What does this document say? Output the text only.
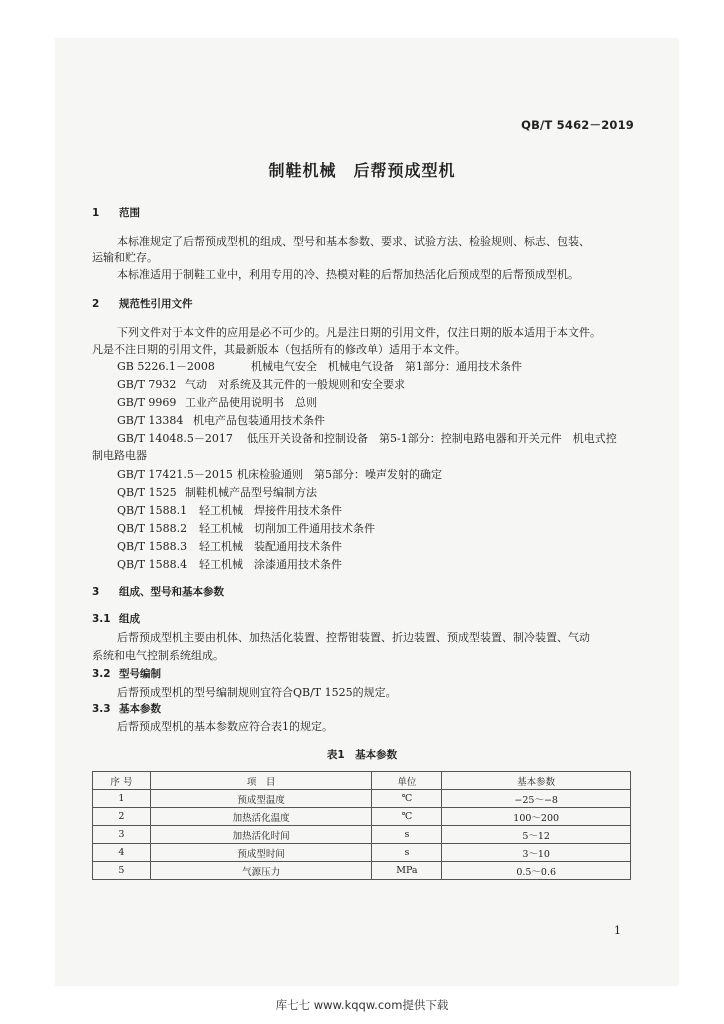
QB/T 5462－2019
制鞋机械　后帮预成型机
1 范围
本标准规定了后帮预成型机的组成、型号和基本参数、要求、试验方法、检验规则、标志、包装、
运输和贮存。
本标准适用于制鞋工业中，利用专用的冷、热模对鞋的后帮加热活化后预成型的后帮预成型机。
2 规范性引用文件
下列文件对于本文件的应用是必不可少的。凡是注日期的引用文件，仅注日期的版本适用于本文件。
凡是不注日期的引用文件，其最新版本（包括所有的修改单）适用于本文件。
GB 5226.1－2008	机械电气安全　机械电气设备　第1部分：通用技术条件
GB/T 7932 气动　对系统及其元件的一般规则和安全要求
GB/T 9969 工业产品使用说明书　总则
GB/T 13384 机电产品包装通用技术条件
GB/T 14048.5－2017 低压开关设备和控制设备　第5-1部分：控制电路电器和开关元件　机电式控
制电路电器
GB/T 17421.5－2015 机床检验通则　第5部分：噪声发射的确定
QB/T 1525 制鞋机械产品型号编制方法
QB/T 1588.1 轻工机械　焊接件用技术条件
QB/T 1588.2 轻工机械　切削加工件通用技术条件
QB/T 1588.3 轻工机械　装配通用技术条件
QB/T 1588.4 轻工机械　涂漆通用技术条件
3 组成、型号和基本参数
3.1 组成
后帮预成型机主要由机体、加热活化装置、控帮钳装置、折边装置、预成型装置、制冷装置、气动
系统和电气控制系统组成。
3.2 型号编制
后帮预成型机的型号编制规则宜符合QB/T 1525的规定。
3.3 基本参数
后帮预成型机的基本参数应符合表1的规定。
表1　基本参数
序 号	项　目	单位	基本参数
1	预成型温度	℃	−25～−8
2	加热活化温度	℃	100～200
3	加热活化时间	s	5～12
4	预成型时间	s	3～10
5	气源压力	MPa	0.5～0.6
1
库七七 www.kqqw.com提供下载
